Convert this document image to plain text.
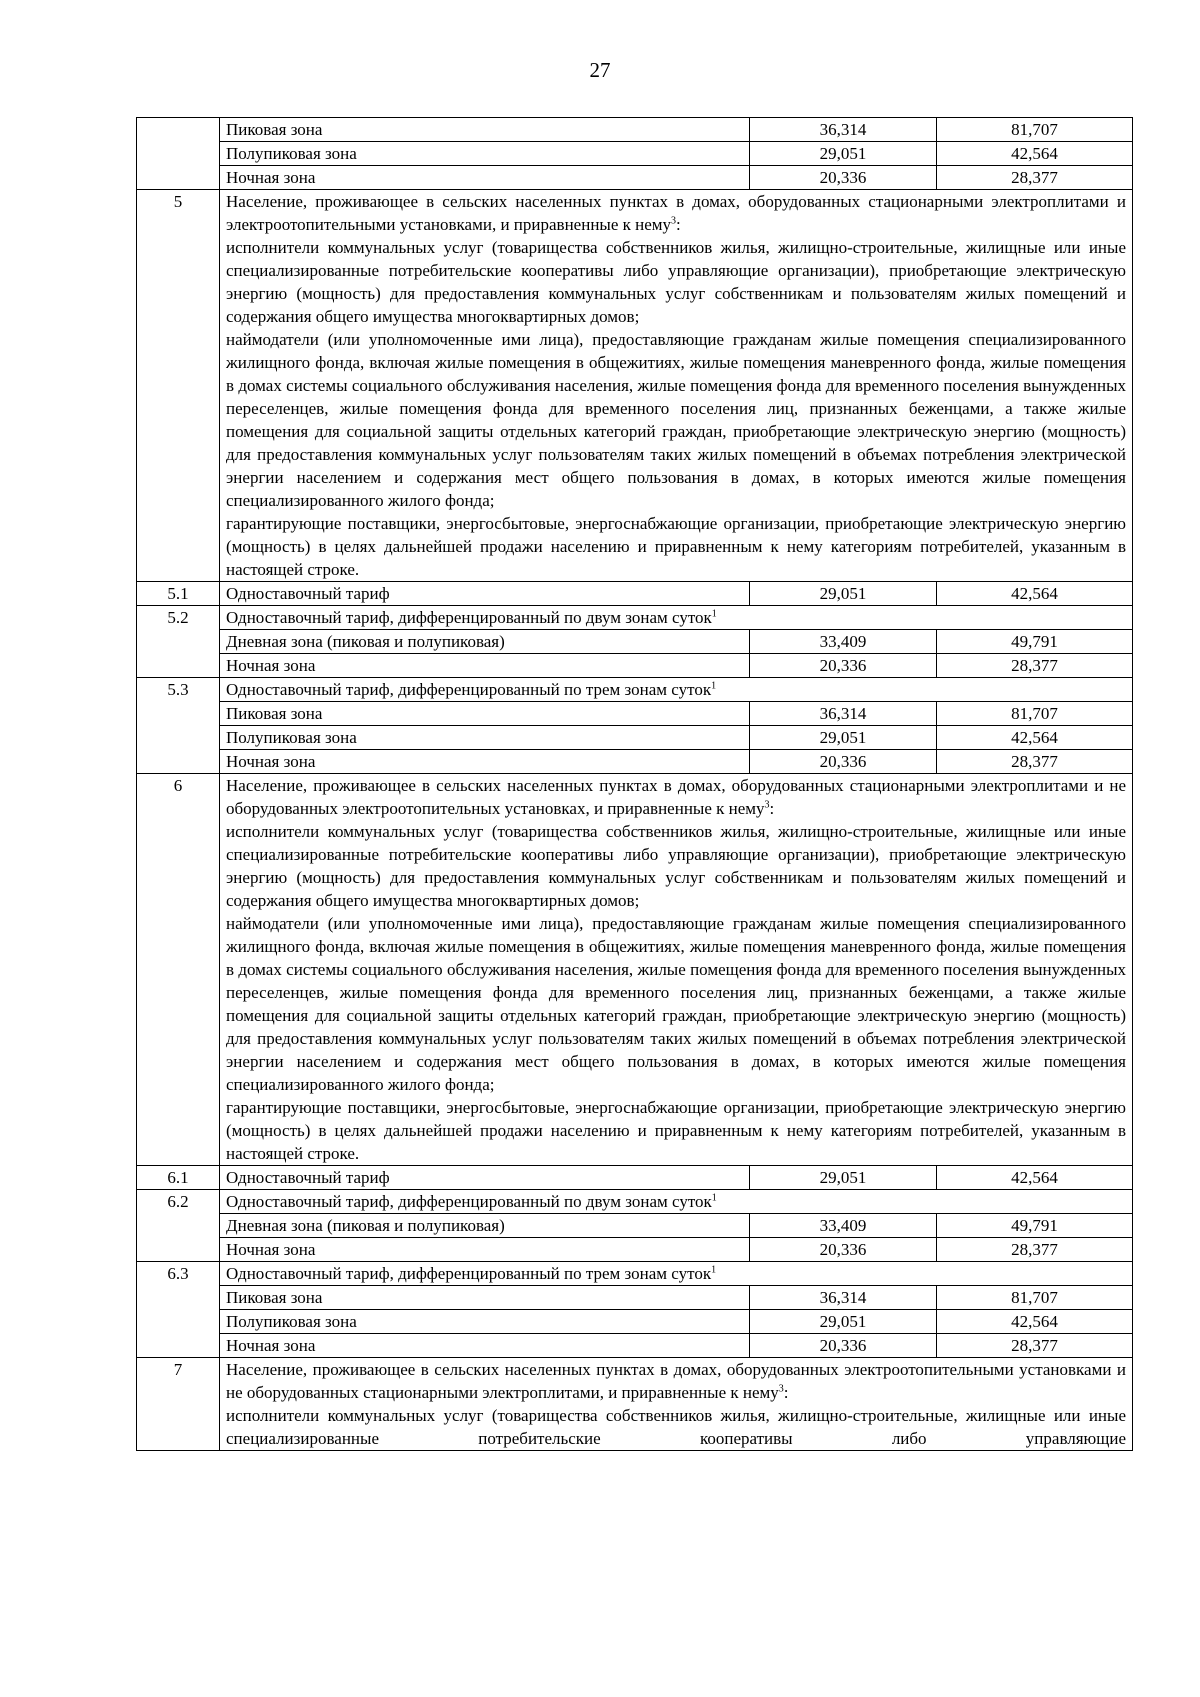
27
	Пиковая зона	36,314	81,707
	Полупиковая зона	29,051	42,564
	Ночная зона	20,336	28,377
5	Население, проживающее в сельских населенных пунктах в домах, оборудованных стационарными электроплитами и электроотопительными установками, и приравненные к нему$^3$:
исполнители коммунальных услуг (товарищества собственников жилья, жилищно-строительные, жилищные или иные специализированные потребительские кооперативы либо управляющие организации), приобретающие электрическую энергию (мощность) для предоставления коммунальных услуг собственникам и пользователям жилых помещений и содержания общего имущества многоквартирных домов;
наймодатели (или уполномоченные ими лица), предоставляющие гражданам жилые помещения специализированного жилищного фонда, включая жилые помещения в общежитиях, жилые помещения маневренного фонда, жилые помещения в домах системы социального обслуживания населения, жилые помещения фонда для временного поселения вынужденных переселенцев, жилые помещения фонда для временного поселения лиц, признанных беженцами, а также жилые помещения для социальной защиты отдельных категорий граждан, приобретающие электрическую энергию (мощность) для предоставления коммунальных услуг пользователям таких жилых помещений в объемах потребления электрической энергии населением и содержания мест общего пользования в домах, в которых имеются жилые помещения специализированного жилого фонда;
гарантирующие поставщики, энергосбытовые, энергоснабжающие организации, приобретающие электрическую энергию (мощность) в целях дальнейшей продажи населению и приравненным к нему категориям потребителей, указанным в настоящей строке.		

5.1	Одноставочный тариф	29,051	42,564
5.2	Одноставочный тариф, дифференцированный по двум зонам суток$^1$
	Дневная зона (пиковая и полупиковая)	33,409	49,791
	Ночная зона	20,336	28,377
5.3	Одноставочный тариф, дифференцированный по трем зонам суток$^1$
	Пиковая зона	36,314	81,707
	Полупиковая зона	29,051	42,564
	Ночная зона	20,336	28,377
6	Население, проживающее в сельских населенных пунктах в домах, оборудованных стационарными электроплитами и не оборудованных электроотопительных установках, и приравненные к нему$^3$:
исполнители коммунальных услуг (товарищества собственников жилья, жилищно-строительные, жилищные или иные специализированные потребительские кооперативы либо управляющие организации), приобретающие электрическую энергию (мощность) для предоставления коммунальных услуг собственникам и пользователям жилых помещений и содержания общего имущества многоквартирных домов;
наймодатели (или уполномоченные ими лица), предоставляющие гражданам жилые помещения специализированного жилищного фонда, включая жилые помещения в общежитиях, жилые помещения маневренного фонда, жилые помещения в домах системы социального обслуживания населения, жилые помещения фонда для временного поселения вынужденных переселенцев, жилые помещения фонда для временного поселения лиц, признанных беженцами, а также жилые помещения для социальной защиты отдельных категорий граждан, приобретающие электрическую энергию (мощность) для предоставления коммунальных услуг пользователям таких жилых помещений в объемах потребления электрической энергии населением и содержания мест общего пользования в домах, в которых имеются жилые помещения специализированного жилого фонда;
гарантирующие поставщики, энергосбытовые, энергоснабжающие организации, приобретающие электрическую энергию (мощность) в целях дальнейшей продажи населению и приравненным к нему категориям потребителей, указанным в настоящей строке.		

6.1	Одноставочный тариф	29,051	42,564
6.2	Одноставочный тариф, дифференцированный по двум зонам суток$^1$
	Дневная зона (пиковая и полупиковая)	33,409	49,791
	Ночная зона	20,336	28,377
6.3	Одноставочный тариф, дифференцированный по трем зонам суток$^1$
	Пиковая зона	36,314	81,707
	Полупиковая зона	29,051	42,564
	Ночная зона	20,336	28,377
7	Население, проживающее в сельских населенных пунктах в домах, оборудованных электроотопительными установками и не оборудованных стационарными электроплитами, и приравненные к нему$^3$:
исполнители коммунальных услуг (товарищества собственников жилья, жилищно-строительные, жилищные или иные специализированные потребительские кооперативы либо управляющие		
